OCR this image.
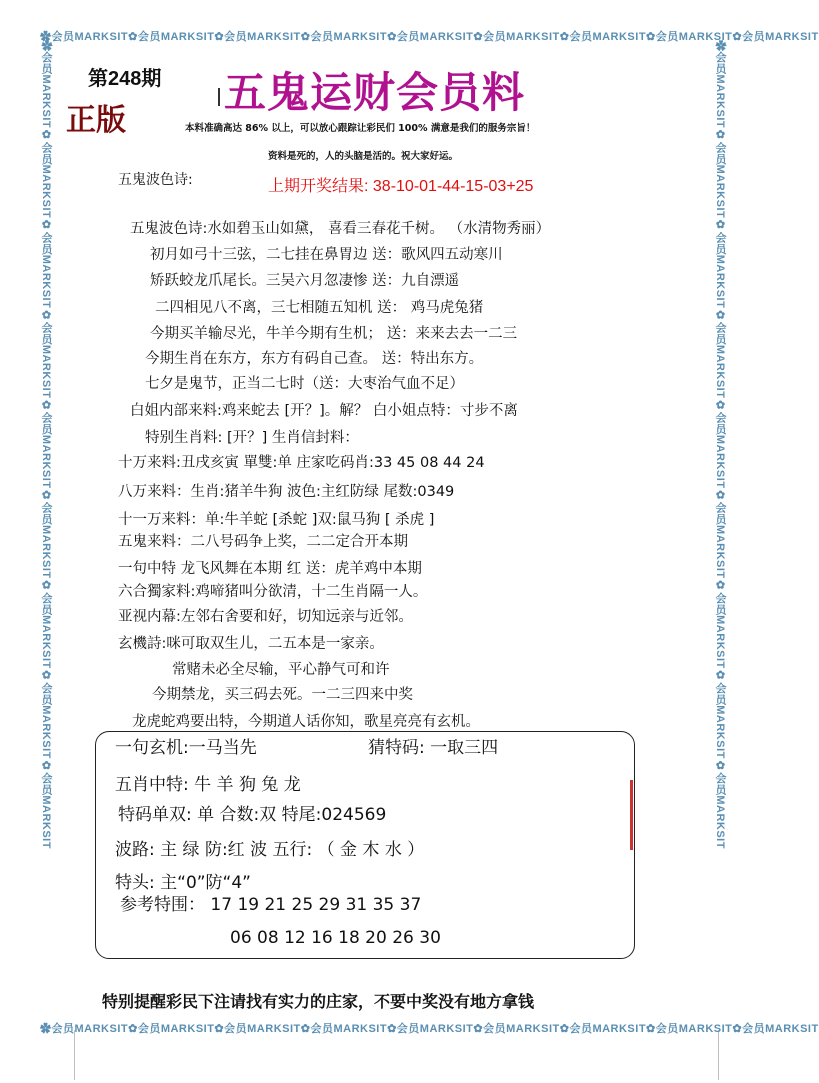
✿会员MARKSIT✿会员MARKSIT✿会员MARKSIT✿会员MARKSIT✿会员MARKSIT✿会员MARKSIT✿会员MARKSIT✿会员MARKSIT✿会员MARKSIT
✿会员MARKSIT✿会员MARKSIT✿会员MARKSIT✿会员MARKSIT✿会员MARKSIT✿会员MARKSIT✿会员MARKSIT✿会员MARKSIT✿会员MARKSIT
✿会员MARKSIT✿会员MARKSIT✿会员MARKSIT✿会员MARKSIT✿会员MARKSIT✿会员MARKSIT✿会员MARKSIT✿会员MARKSIT✿会员MARKSIT	✿会员MARKSIT✿会员MARKSIT✿会员MARKSIT✿会员MARKSIT✿会员MARKSIT✿会员MARKSIT✿会员MARKSIT✿会员MARKSIT✿会员MARKSIT
第248期
正版
五鬼运财会员料
本料准确高达 86% 以上，可以放心跟踪让彩民们 100% 满意是我们的服务宗旨！
资料是死的，人的头脑是活的。祝大家好运。
五鬼波色诗:	上期开奖结果: 38-10-01-44-15-03+25
五鬼波色诗:水如碧玉山如黛， 喜看三春花千树。 （水清物秀丽）
初月如弓十三弦，二七挂在鼻胃边 送：歌风四五动寒川
矫跃蛟龙爪尾长。三吴六月忽凄惨 送：九自漂遥
二四相见八不离，三七相随五知机 送： 鸡马虎兔猪
今期买羊输尽光，牛羊今期有生机； 送：来来去去一二三
今期生肖在东方，东方有码自己查。 送：特出东方。
七夕是鬼节，正当二七时（送：大枣治气血不足）
白姐内部来料:鸡来蛇去 [开？]。解？ 白小姐点特：寸步不离
特别生肖料: [开？] 生肖信封料：
十万来料:丑戌亥寅 單雙:单 庄家吃码肖:33 45 08 44 24
八万来料：生肖:猪羊牛狗 波色:主红防绿 尾数:0349
十一万来料：单:牛羊蛇 [杀蛇 ]双:鼠马狗 [ 杀虎 ]
五鬼来料：二八号码争上奖，二二定合开本期
一句中特 龙飞风舞在本期 红 送：虎羊鸡中本期
六合獨家料:鸡啼猪叫分欲清，十二生肖隔一人。
亚视内幕:左邻右舍要和好，切知远亲与近邻。
玄機詩:咪可取双生儿，二五本是一家亲。
常赌未必全尽输，平心静气可和许
今期禁龙，买三码去死。一二三四来中奖
龙虎蛇鸡要出特，今期道人话你知，歌星亮亮有玄机。
一句玄机:一马当先	猜特码: 一取三四
五肖中特: 牛 羊 狗 兔 龙
特码单双: 单 合数:双 特尾:024569
波路: 主 绿 防:红 波 五行: （ 金 木 水 ）
特头: 主“0”防“4”
参考特围： 17 19 21 25 29 31 35 37
06 08 12 16 18 20 26 30
特别提醒彩民下注请找有实力的庄家，不要中奖没有地方拿钱
